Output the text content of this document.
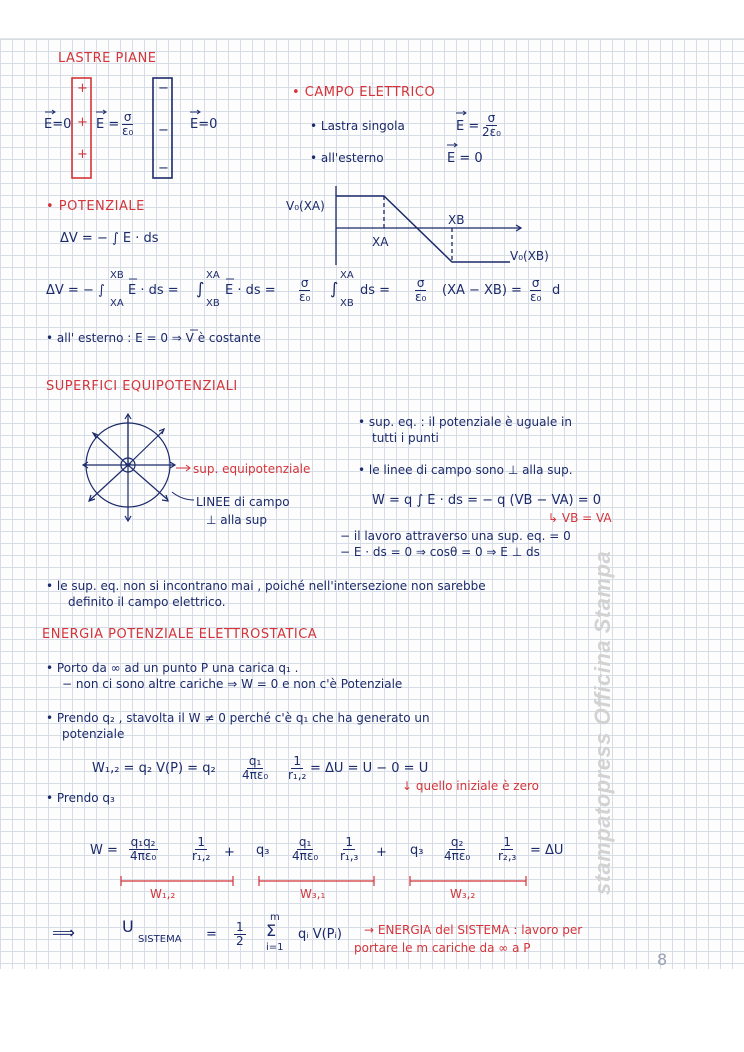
LASTRE PIANE
+
+
+
−
−
−
E=0 $E = \frac{\sigma}{\text{ε₀}}$	E=0
• CAMPO ELETTRICO
• Lastra singola	$E = \frac{\sigma}{\text{2ε₀}}$
• all'esterno	E = 0
V₀(XA)
XA
XB
V₀(XB)
• POTENZIALE
ΔV = − ∫ E · ds
ΔV = − ∫
XB
XA
E · ds = ∫
XA
XB
E · ds = $\frac{\sigma}{\text{ε₀}}$ ∫
XA
XB
ds = $\frac{\sigma}{\text{ε₀}} (XA - XB) = \frac{\sigma}{\text{ε₀}}$ d
• all' esterno : E = 0 ⇒ V è costante
SUPERFICI EQUIPOTENZIALI
+	sup. equipotenziale
LINEE di campo
⊥ alla sup
• sup. eq. : il potenziale è uguale in
tutti i punti
• le linee di campo sono ⊥ alla sup.
W = q ∫ E · ds = − q (VB − VA) = 0
↳ VB = VA
− il lavoro attraverso una sup. eq. = 0
− E · ds = 0 ⇒ cosθ = 0 ⇒ E ⊥ ds
• le sup. eq. non si incontrano mai , poiché nell'intersezione non sarebbe
definito il campo elettrico.
ENERGIA POTENZIALE ELETTROSTATICA
• Porto da ∞ ad un punto P una carica q₁ .
− non ci sono altre cariche ⇒ W = 0 e non c'è Potenziale
• Prendo q₂ , stavolta il W ≠ 0 perché c'è q₁ che ha generato un
potenziale
W₁,₂ = q₂ $V(P) = q_2 \frac{\text{q₁}}{\text{4πε₀}} \frac{1}{\text{r₁,₂}} = \Delta U = U - 0 = U$
↓ quello iniziale è zero
• Prendo q₃
$W = \frac{\text{q₁q₂}}{\text{4πε₀}}$	$\frac{1}{\text{r₁,₂}} + q_3 \frac{\text{q₁}}{\text{4πε₀}} \frac{1}{\text{r₁,₃}} + q_3 \frac{\text{q₂}}{\text{4πε₀}} \frac{1}{\text{r₂,₃}} = \Delta U$
W₁,₂	W₃,₁	W₃,₂
⟹	U
SISTEMA = $\frac{1}{2}$
m
Σ
i=1
qᵢ V(Pᵢ) → ENERGIA del SISTEMA : lavoro per
portare le m cariche da ∞ a P
stampatopress Officina Stampa
8
